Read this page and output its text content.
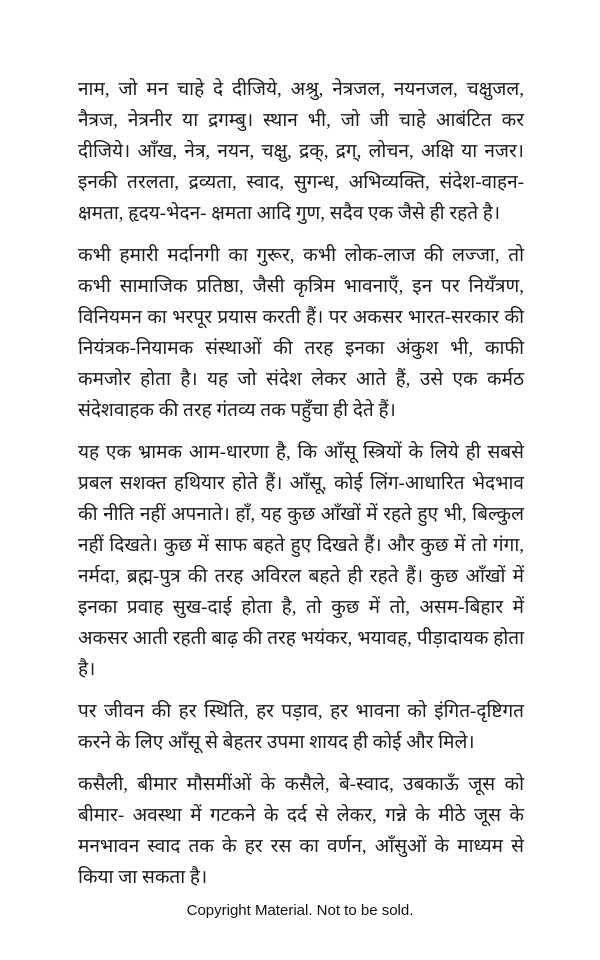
नाम, जो मन चाहे दे दीजिये, अश्रु, नेत्रजल, नयनजल, चक्षुजल, नैत्रज, नेत्रनीर या द्रगम्बु। स्थान भी, जो जी चाहे आबंटित कर दीजिये। आँख, नेत्र, नयन, चक्षु, द्रक्, द्रग्, लोचन, अक्षि या नजर। इनकी तरलता, द्रव्यता, स्वाद, सुगन्ध, अभिव्यक्ति, संदेश-वाहन-क्षमता, हृदय-भेदन- क्षमता आदि गुण, सदैव एक जैसे ही रहते है।

कभी हमारी मर्दानगी का गुरूर, कभी लोक-लाज की लज्जा, तो कभी सामाजिक प्रतिष्ठा, जैसी कृत्रिम भावनाएँ, इन पर नियँत्रण, विनियमन का भरपूर प्रयास करती हैं। पर अकसर भारत-सरकार की नियंत्रक-नियामक संस्थाओं की तरह इनका अंकुश भी, काफी कमजोर होता है। यह जो संदेश लेकर आते हैं, उसे एक कर्मठ संदेशवाहक की तरह गंतव्य तक पहुँचा ही देते हैं।

यह एक भ्रामक आम-धारणा है, कि आँसू स्त्रियों के लिये ही सबसे प्रबल सशक्त हथियार होते हैं। आँसू, कोई लिंग-आधारित भेदभाव की नीति नहीं अपनाते। हाँ, यह कुछ आँखों में रहते हुए भी, बिल्कुल नहीं दिखते। कुछ में साफ बहते हुए दिखते हैं। और कुछ में तो गंगा, नर्मदा, ब्रह्म-पुत्र की तरह अविरल बहते ही रहते हैं। कुछ आँखों में इनका प्रवाह सुख-दाई होता है, तो कुछ में तो, असम-बिहार में अकसर आती रहती बाढ़ की तरह भयंकर, भयावह, पीड़ादायक होता है।

पर जीवन की हर स्थिति, हर पड़ाव, हर भावना को इंगित-दृष्टिगत करने के लिए आँसू से बेहतर उपमा शायद ही कोई और मिले।

कसैली, बीमार मौसमींओं के कसैले, बे-स्वाद, उबकाऊँ जूस को बीमार- अवस्था में गटकने के दर्द से लेकर, गन्ने के मीठे जूस के मनभावन स्वाद तक के हर रस का वर्णन, आँसुओं के माध्यम से किया जा सकता है।

Copyright Material. Not to be sold.
